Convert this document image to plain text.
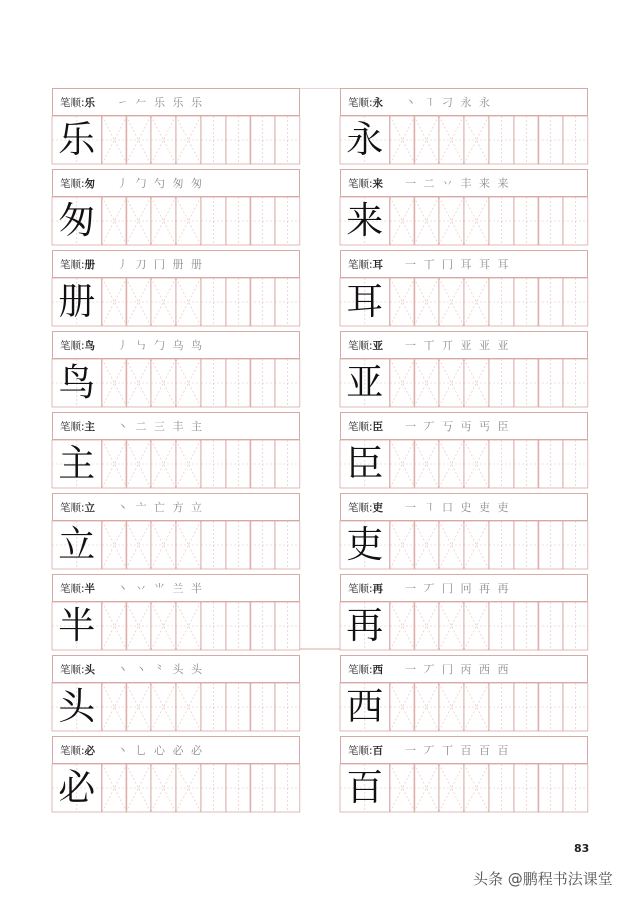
笔顺:乐 ㇀ 𠂉 乐 乐 乐
乐
笔顺:匆 丿 勹 勺 匆 匆
匆
笔顺:册 丿 刀 冂 册 册
册
笔顺:鸟 丿 ㇉ 勹 乌 鸟
鸟
笔顺:主 丶 二 三 丰 主
主
笔顺:立 丶 亠 亡 方 立
立
笔顺:半 丶 丷 ⺌ 兰 半
半
笔顺:头 丶 丶 ⺀ 头 头
头
笔顺:必 丶 乚 心 必 必
必
笔顺:永 丶 ㇕ 刁 永 永
永
笔顺:来 一 二 丷 丰 来 来
来
笔顺:耳 一 丅 冂 耳 耳 耳
耳
笔顺:亚 一 丅 丌 亚 亚 亚
亚
笔顺:臣 一 丆 丂 丏 丐 臣
臣
笔顺:吏 一 ㇕ 口 史 吏 吏
吏
笔顺:再 一 丆 冂 冋 再 再
再
笔顺:西 一 丆 冂 丙 西 西
西
笔顺:百 一 丆 丅 百 百 百
百
83
头条 @鹏程书法课堂
